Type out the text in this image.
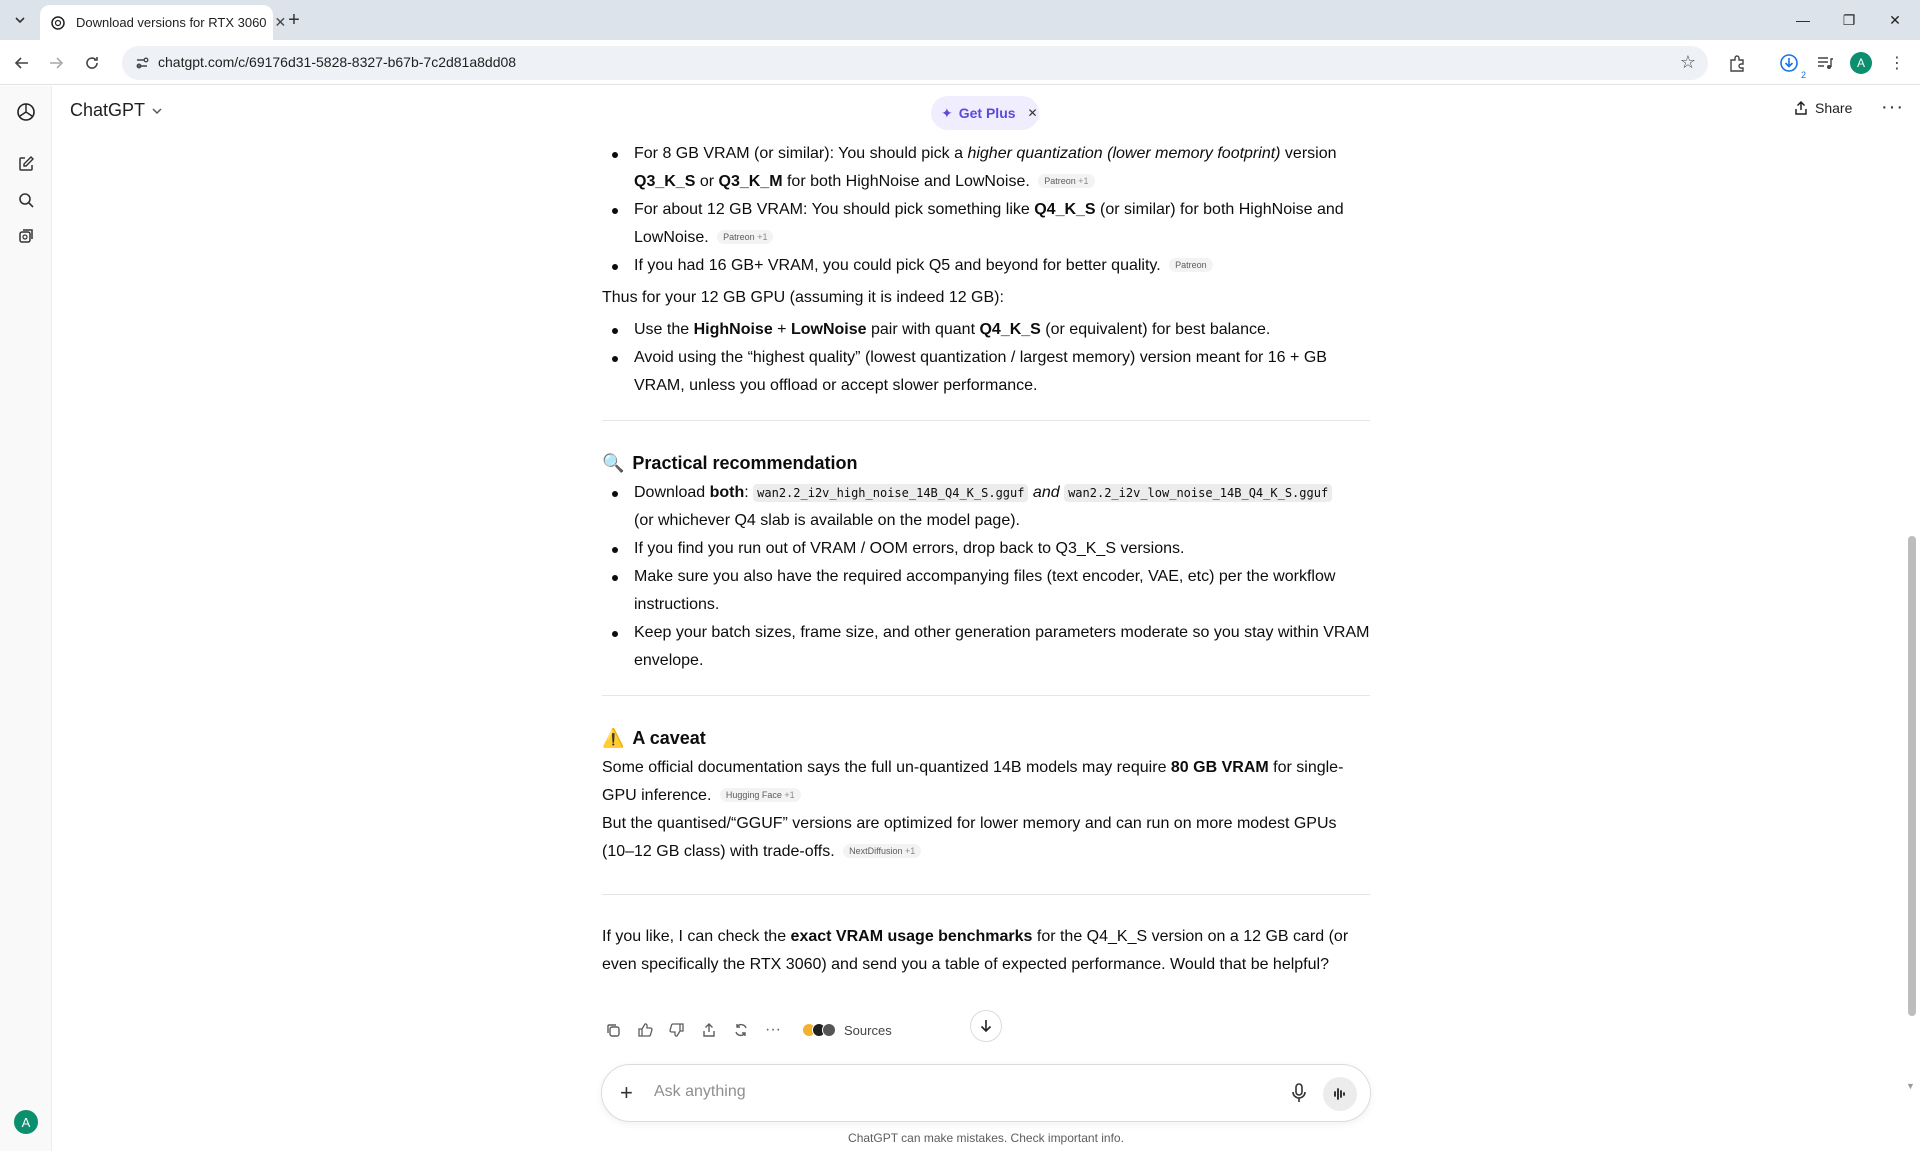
Download versions for RTX 3060 ✕ +	—	❐	✕
chatgpt.com/c/69176d31-5828-8327-b67b-7c2d81a8dd08	☆
2
A	⋮
A
ChatGPT	✦ Get Plus ✕	Share ···
▼
For 8 GB VRAM (or similar): You should pick a higher quantization (lower memory footprint) version Q3_K_S or Q3_K_M for both HighNoise and LowNoise. Patreon +1
For about 12 GB VRAM: You should pick something like Q4_K_S (or similar) for both HighNoise and LowNoise. Patreon +1
If you had 16 GB+ VRAM, you could pick Q5 and beyond for better quality. Patreon

Thus for your 12 GB GPU (assuming it is indeed 12 GB):

Use the HighNoise + LowNoise pair with quant Q4_K_S (or equivalent) for best balance.
Avoid using the “highest quality” (lowest quantization / largest memory) version meant for 16 + GB VRAM, unless you offload or accept slower performance.
🔍 Practical recommendation
Download both: wan2.2_i2v_high_noise_14B_Q4_K_S.gguf and wan2.2_i2v_low_noise_14B_Q4_K_S.gguf
(or whichever Q4 slab is available on the model page).
If you find you run out of VRAM / OOM errors, drop back to Q3_K_S versions.
Make sure you also have the required accompanying files (text encoder, VAE, etc) per the workflow instructions.
Keep your batch sizes, frame size, and other generation parameters moderate so you stay within VRAM envelope.
⚠️ A caveat

Some official documentation says the full un-quantized 14B models may require 80 GB VRAM for single-GPU inference. Hugging Face +1

But the quantised/“GGUF” versions are optimized for lower memory and can run on more modest GPUs (10–12 GB class) with trade-offs. NextDiffusion +1

If you like, I can check the exact VRAM usage benchmarks for the Q4_K_S version on a 12 GB card (or even specifically the RTX 3060) and send you a table of expected performance. Would that be helpful?

···	Sources
+ Ask anything
ChatGPT can make mistakes. Check important info.
